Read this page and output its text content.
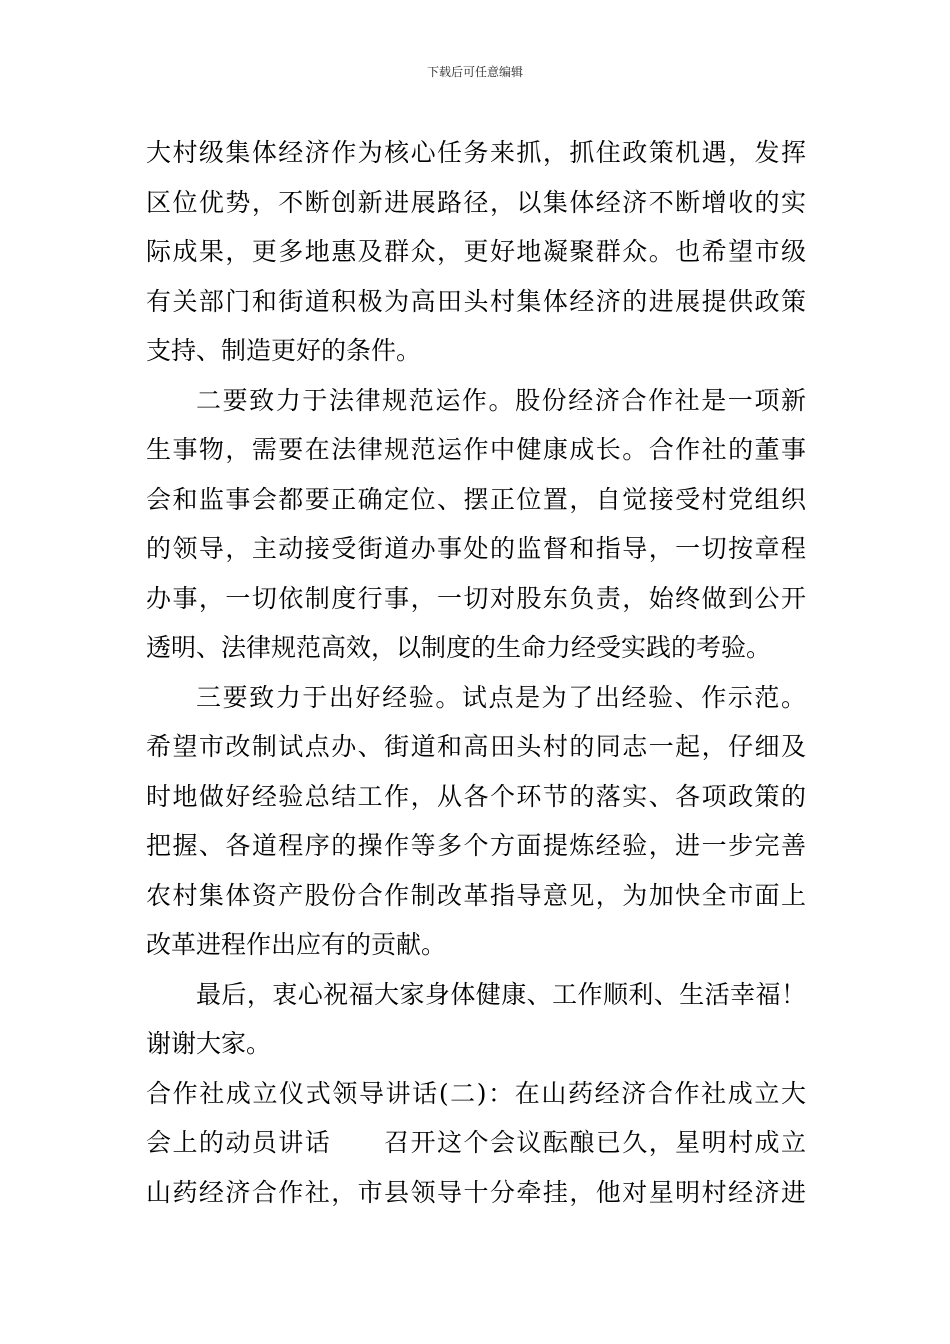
下载后可任意编辑
大村级集体经济作为核心任务来抓，抓住政策机遇，发挥
区位优势，不断创新进展路径，以集体经济不断增收的实
际成果，更多地惠及群众，更好地凝聚群众。也希望市级
有关部门和街道积极为高田头村集体经济的进展提供政策
支持、制造更好的条件。
二要致力于法律规范运作。股份经济合作社是一项新
生事物，需要在法律规范运作中健康成长。合作社的董事
会和监事会都要正确定位、摆正位置，自觉接受村党组织
的领导，主动接受街道办事处的监督和指导，一切按章程
办事，一切依制度行事，一切对股东负责，始终做到公开
透明、法律规范高效，以制度的生命力经受实践的考验。
三要致力于出好经验。试点是为了出经验、作示范。
希望市改制试点办、街道和高田头村的同志一起，仔细及
时地做好经验总结工作，从各个环节的落实、各项政策的
把握、各道程序的操作等多个方面提炼经验，进一步完善
农村集体资产股份合作制改革指导意见，为加快全市面上
改革进程作出应有的贡献。
最后，衷心祝福大家身体健康、工作顺利、生活幸福！
谢谢大家。
合作社成立仪式领导讲话(二)：在山药经济合作社成立大
会上的动员讲话　　召开这个会议酝酿已久，星明村成立
山药经济合作社，市县领导十分牵挂，他对星明村经济进
